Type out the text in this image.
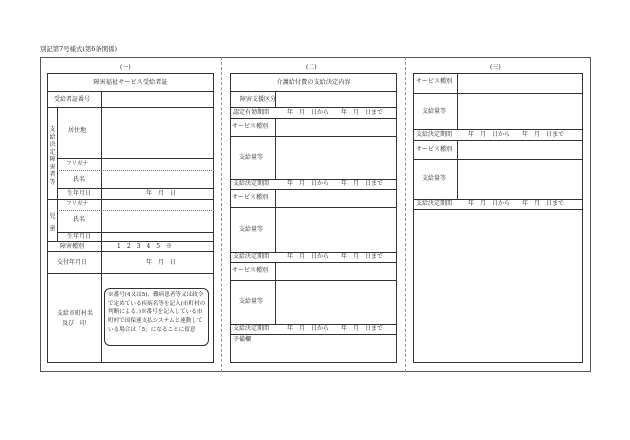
別記第7号様式(第6条関係)
(一)
障害福祉サービス受給者証
受給者証番号
支給決定障害者等
居住地
フリガナ
氏名
生年月日	年　月　日
児童
フリガナ
氏名
生年月日
障害種別	1　2　3　4　5　※
交付年月日	年　月　日
支給市町村名
及び　印
※番号(4又は5)、難病患者等又は政令で定めている疾病名等を記入(市町村の判断による。)※番号を記入している市町村で国保連支払システムと連動している場合は「5」になることに留意
(二)
介護給付費の支給決定内容
障害支援区分
認定有効期間	年　月　日から　　年　月　日まで
サービス種別
支給量等
支給決定期間	年　月　日から　　年　月　日まで
サービス種別
支給量等
支給決定期間	年　月　日から　　年　月　日まで
サービス種別
支給量等
支給決定期間	年　月　日から　　年　月　日まで
予備欄
(三)
サービス種別
支給量等
支給決定期間	年　月　日から　　年　月　日まで
サービス種別
支給量等
支給決定期間	年　月　日から　　年　月　日まで
